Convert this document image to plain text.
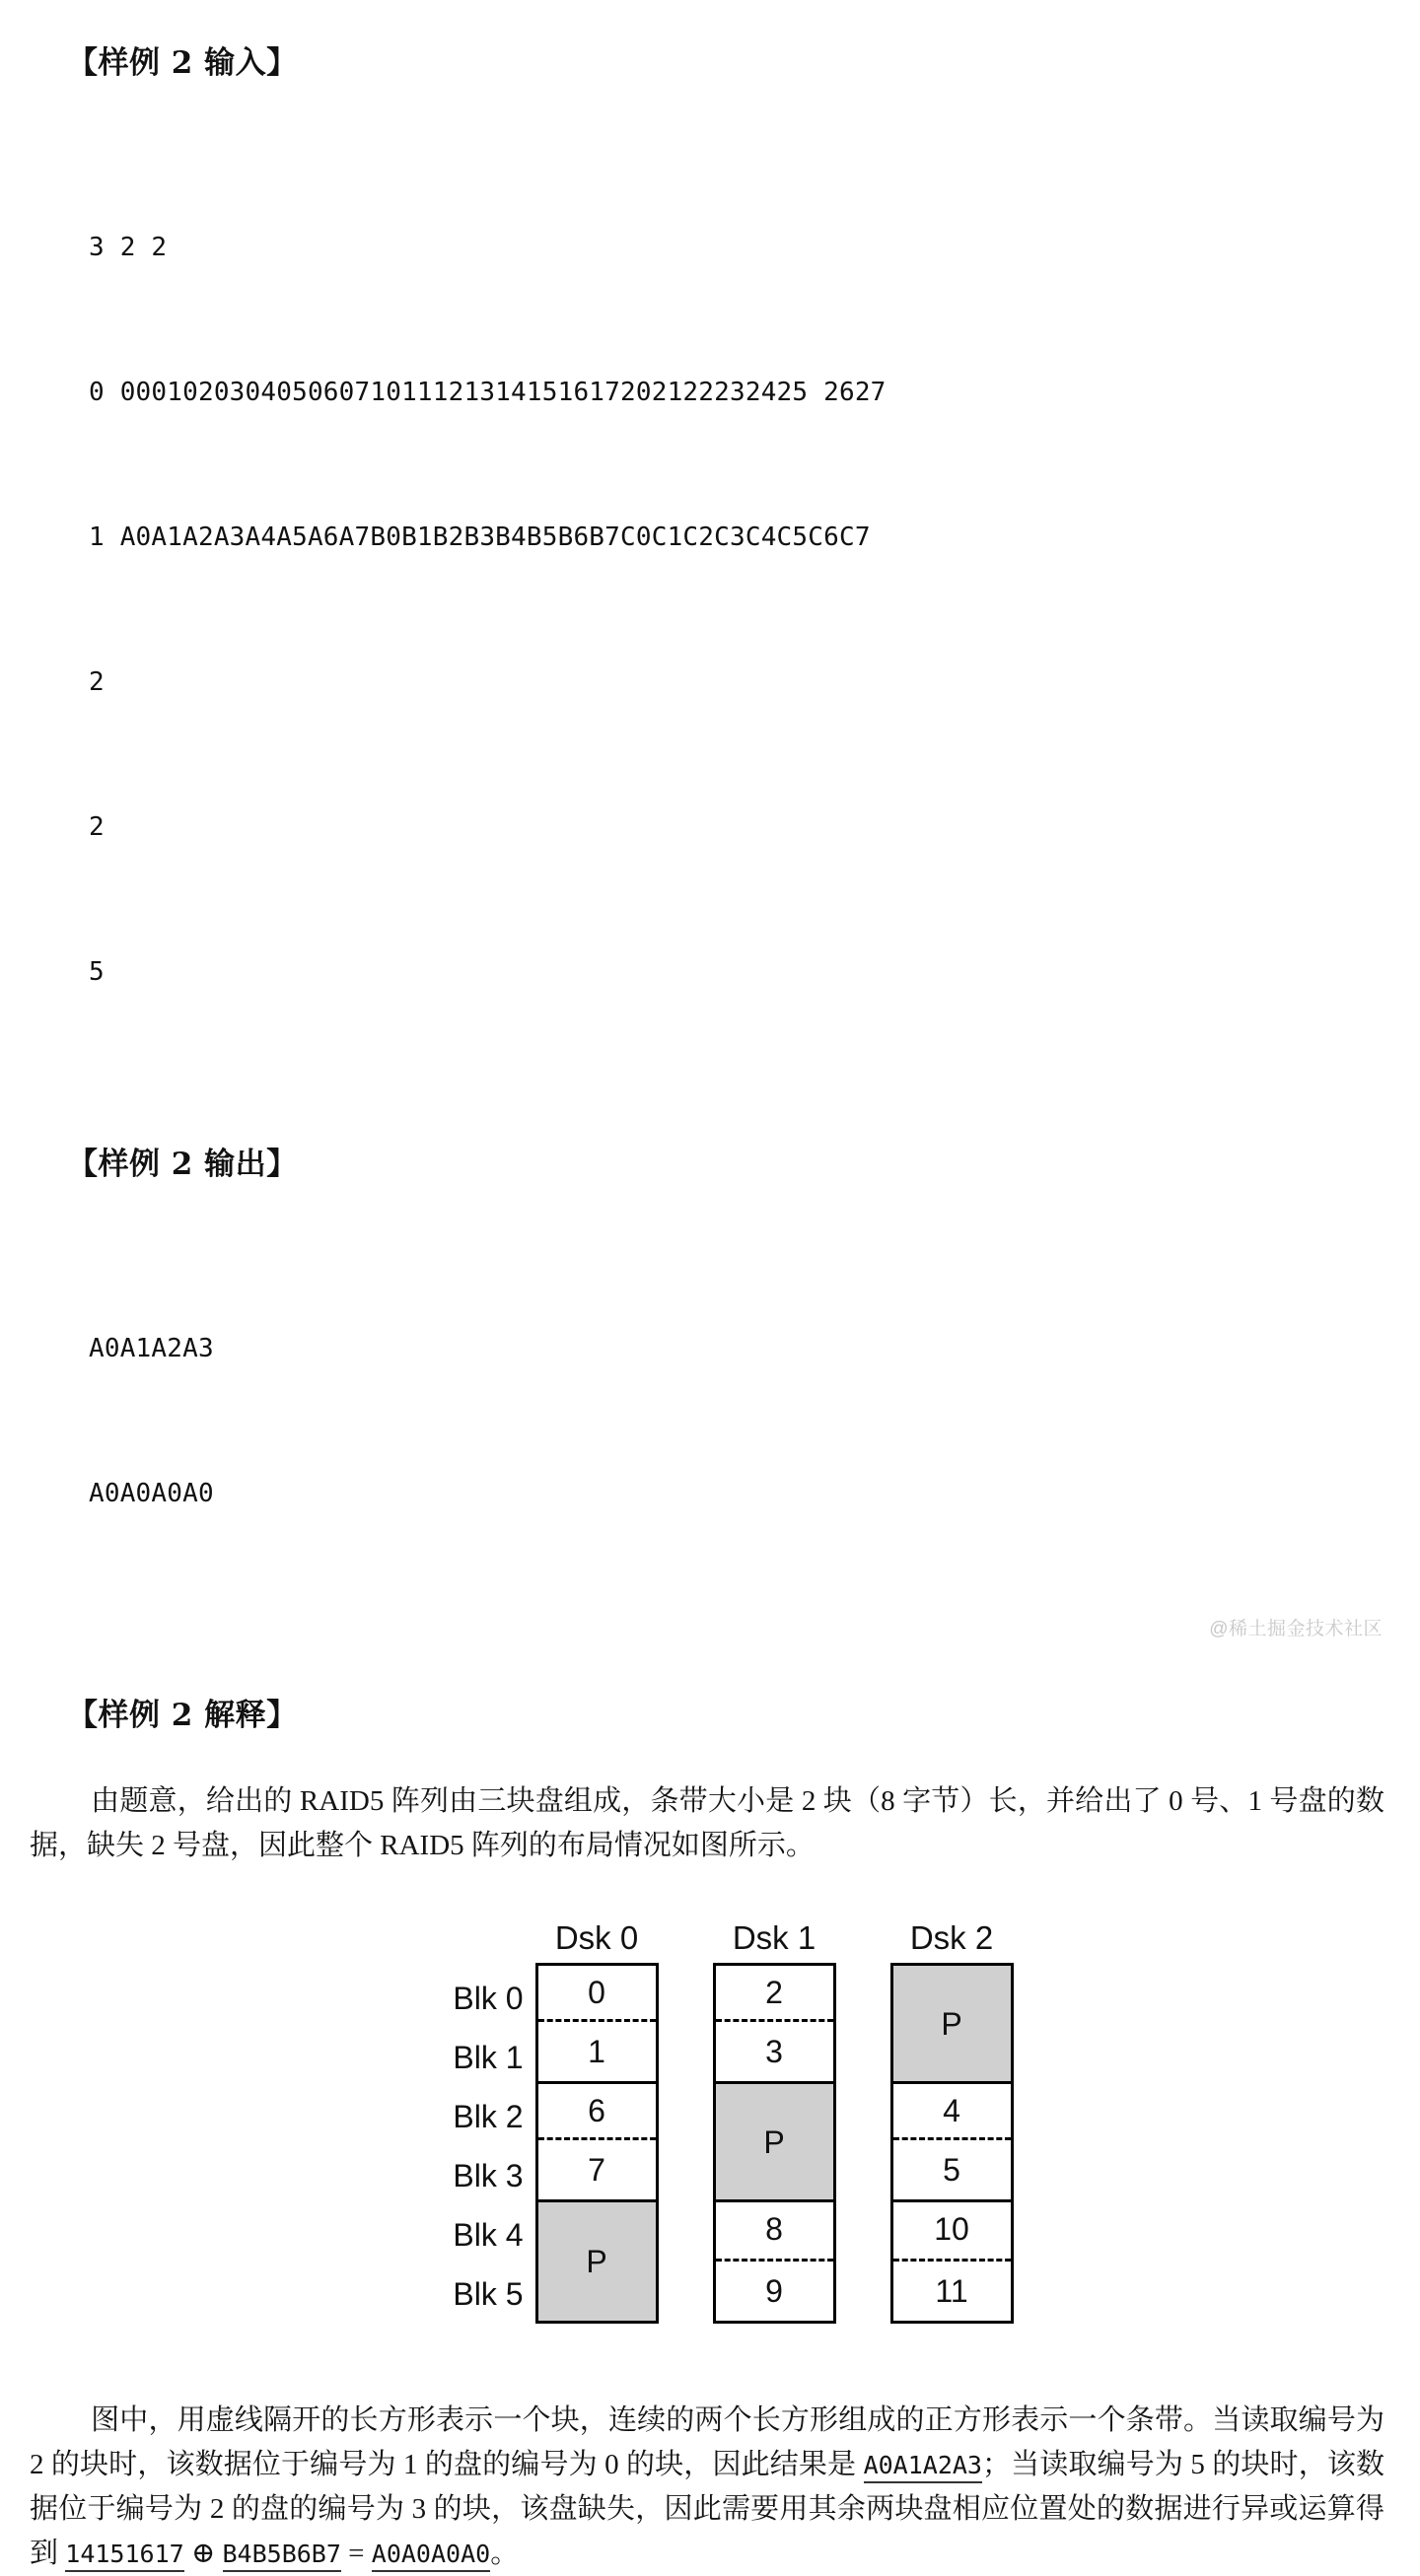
【样例 2 输入】

3 2 2

0 00010203040506071011121314151617202122232425 2627

1 A0A1A2A3A4A5A6A7B0B1B2B3B4B5B6B7C0C1C2C3C4C5C6C7

2

2

5

【样例 2 输出】

A0A1A2A3

A0A0A0A0

【样例 2 解释】

由题意，给出的 RAID5 阵列由三块盘组成，条带大小是 2 块（8 字节）长，并给出了 0 号、1 号盘的数据，缺失 2 号盘，因此整个 RAID5 阵列的布局情况如图所示。

Blk 0
Blk 1
Blk 2
Blk 3
Blk 4
Blk 5
Dsk 0
0
1
6
7
P
Dsk 1
2
3
P
8
9
Dsk 2
P
4
5
10
11

图中，用虚线隔开的长方形表示一个块，连续的两个长方形组成的正方形表示一个条带。当读取编号为 2 的块时，该数据位于编号为 1 的盘的编号为 0 的块，因此结果是 A0A1A2A3；当读取编号为 5 的块时，该数据位于编号为 2 的盘的编号为 3 的块，该盘缺失，因此需要用其余两块盘相应位置处的数据进行异或运算得到 14151617 ⊕ B4B5B6B7 = A0A0A0A0。

@稀土掘金技术社区
